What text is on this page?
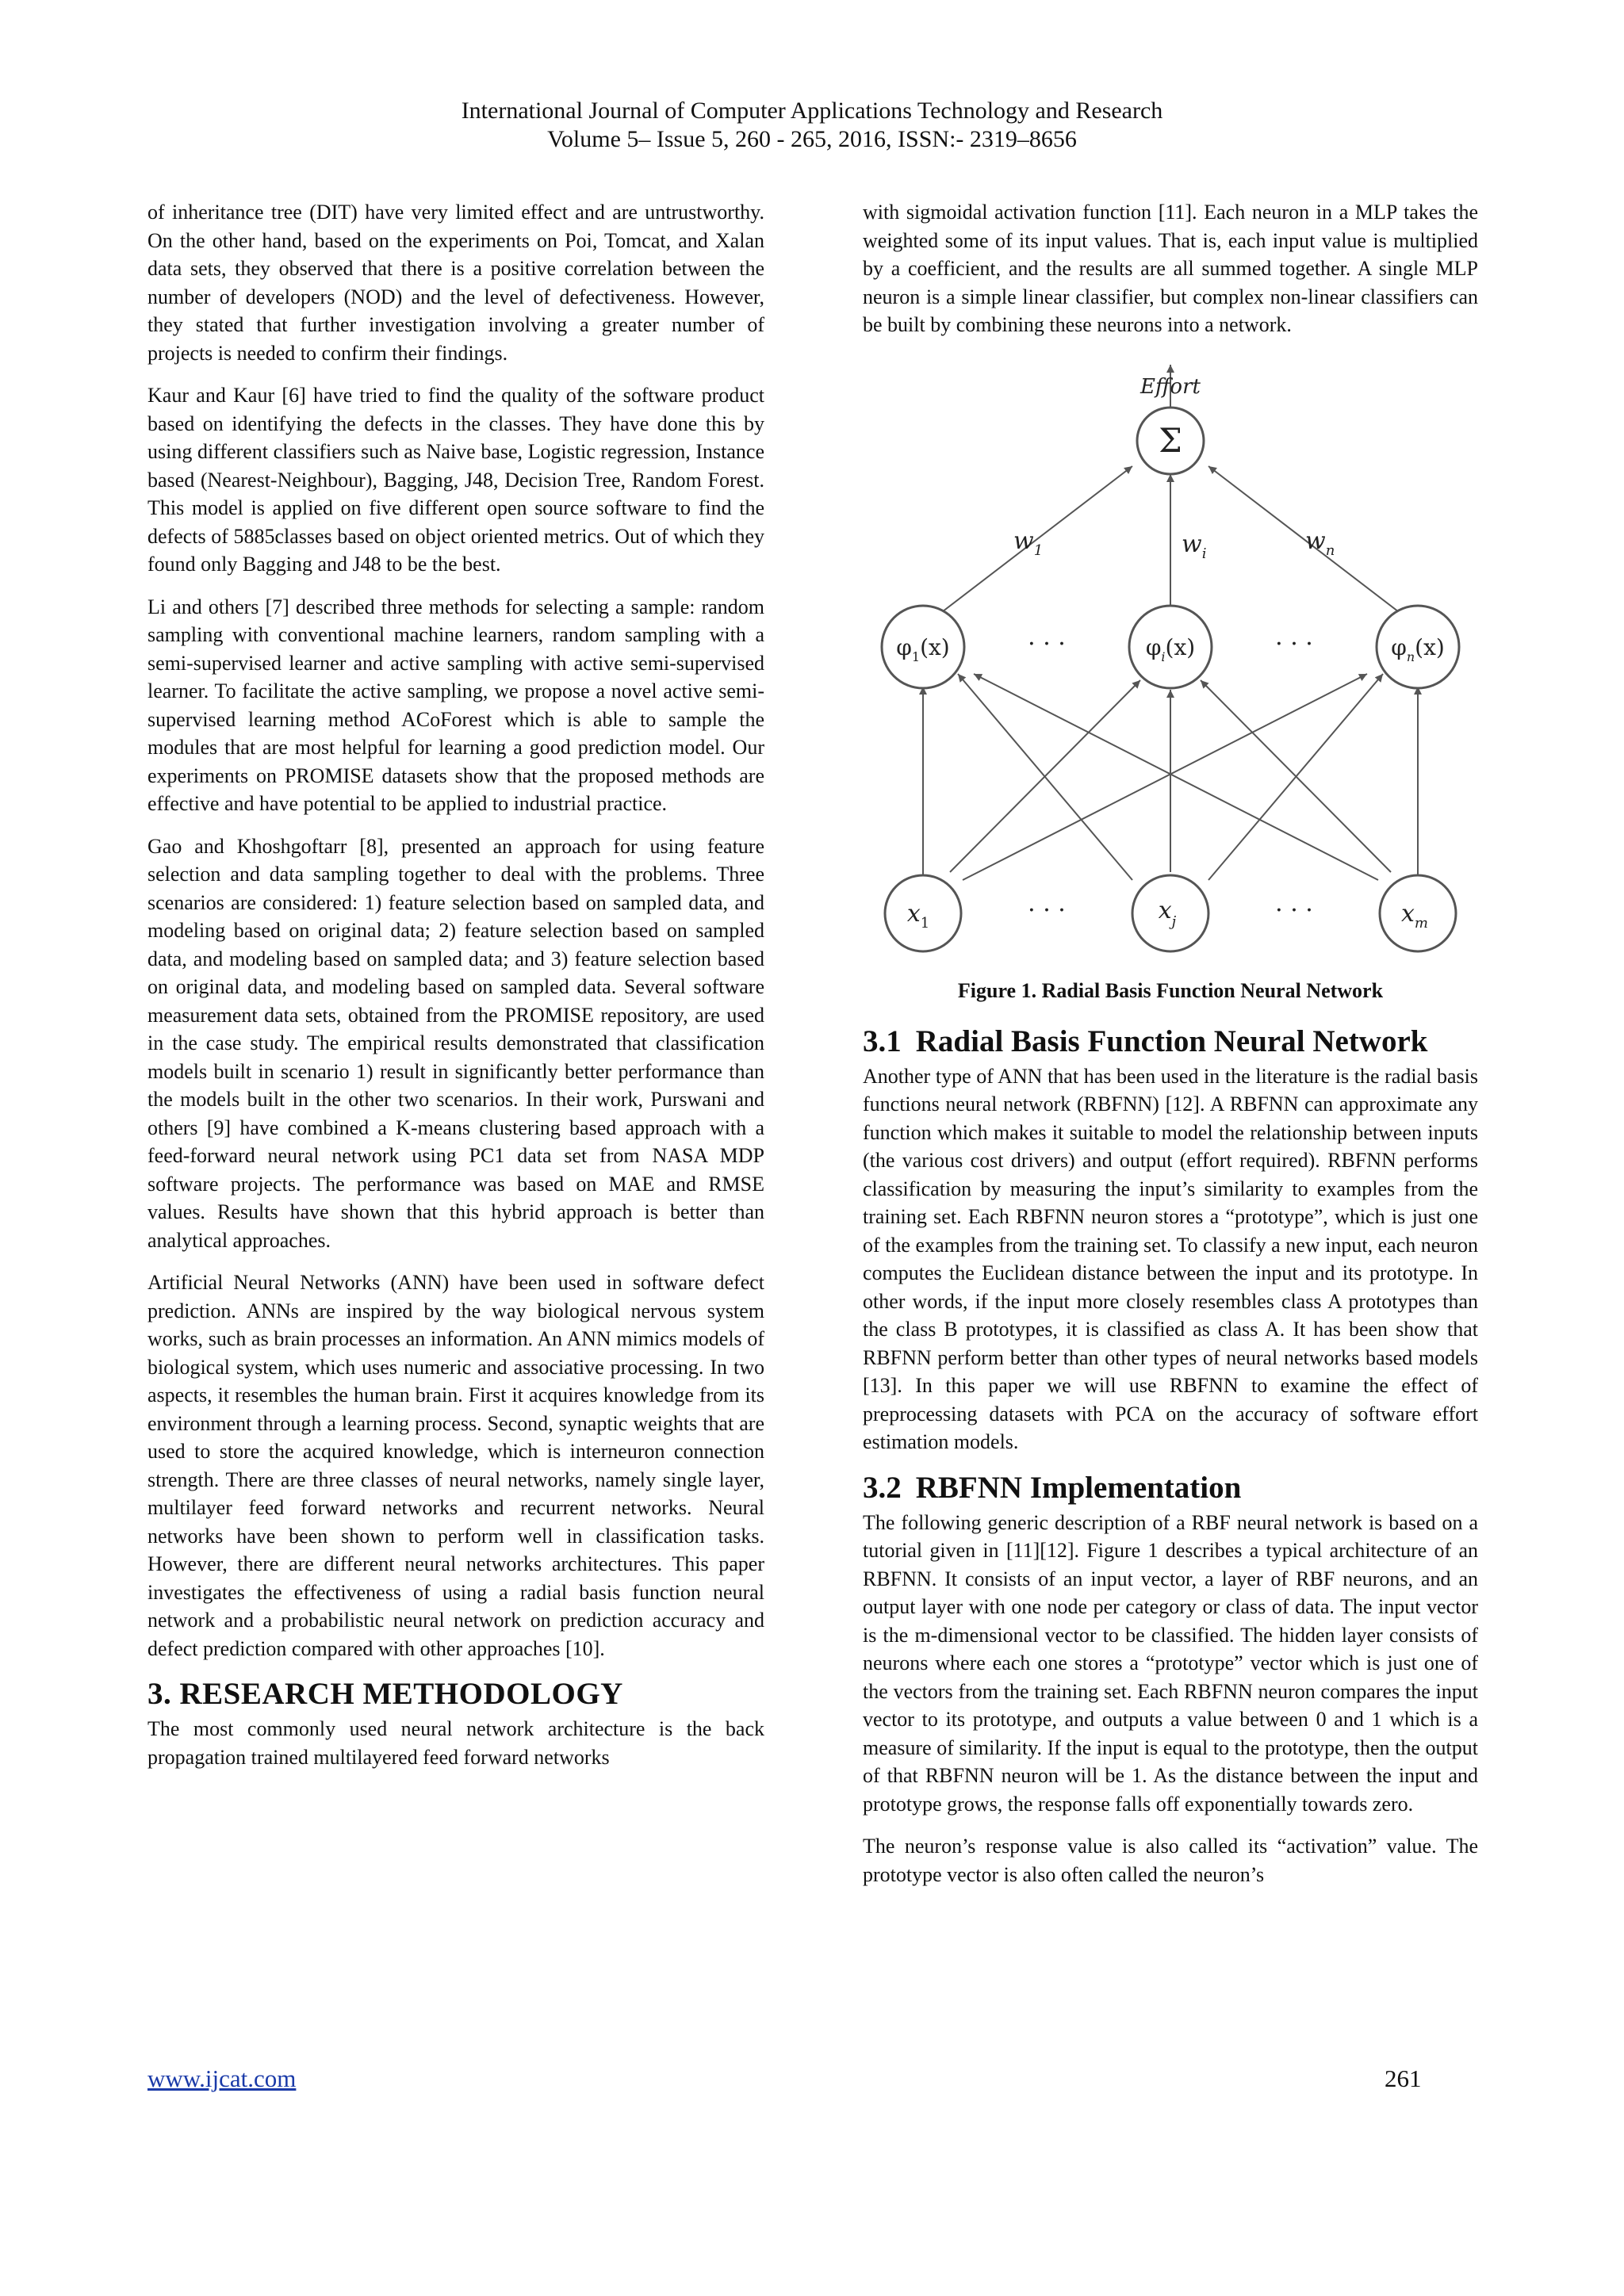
International Journal of Computer Applications Technology and Research
Volume 5– Issue 5, 260 - 265, 2016, ISSN:- 2319–8656

of inheritance tree (DIT) have very limited effect and are untrustworthy. On the other hand, based on the experiments on Poi, Tomcat, and Xalan data sets, they observed that there is a positive correlation between the number of developers (NOD) and the level of defectiveness. However, they stated that further investigation involving a greater number of projects is needed to confirm their findings.

Kaur and Kaur [6] have tried to find the quality of the software product based on identifying the defects in the classes. They have done this by using different classifiers such as Naive base, Logistic regression, Instance based (Nearest-Neighbour), Bagging, J48, Decision Tree, Random Forest. This model is applied on five different open source software to find the defects of 5885classes based on object oriented metrics. Out of which they found only Bagging and J48 to be the best.

Li and others [7] described three methods for selecting a sample: random sampling with conventional machine learners, random sampling with a semi-supervised learner and active sampling with active semi-supervised learner. To facilitate the active sampling, we propose a novel active semi-supervised learning method ACoForest which is able to sample the modules that are most helpful for learning a good prediction model. Our experiments on PROMISE datasets show that the proposed methods are effective and have potential to be applied to industrial practice.

Gao and Khoshgoftarr [8], presented an approach for using feature selection and data sampling together to deal with the problems. Three scenarios are considered: 1) feature selection based on sampled data, and modeling based on original data; 2) feature selection based on sampled data, and modeling based on sampled data; and 3) feature selection based on original data, and modeling based on sampled data. Several software measurement data sets, obtained from the PROMISE repository, are used in the case study. The empirical results demonstrated that classification models built in scenario 1) result in significantly better performance than the models built in the other two scenarios. In their work, Purswani and others [9] have combined a K-means clustering based approach with a feed-forward neural network using PC1 data set from NASA MDP software projects. The performance was based on MAE and RMSE values. Results have shown that this hybrid approach is better than analytical approaches.

Artificial Neural Networks (ANN) have been used in software defect prediction. ANNs are inspired by the way biological nervous system works, such as brain processes an information. An ANN mimics models of biological system, which uses numeric and associative processing. In two aspects, it resembles the human brain. First it acquires knowledge from its environment through a learning process. Second, synaptic weights that are used to store the acquired knowledge, which is interneuron connection strength. There are three classes of neural networks, namely single layer, multilayer feed forward networks and recurrent networks. Neural networks have been shown to perform well in classification tasks. However, there are different neural networks architectures. This paper investigates the effectiveness of using a radial basis function neural network and a probabilistic neural network on prediction accuracy and defect prediction compared with other approaches [10].

3. RESEARCH METHODOLOGY

The most commonly used neural network architecture is the back propagation trained multilayered feed forward networks

with sigmoidal activation function [11]. Each neuron in a MLP takes the weighted some of its input values. That is, each input value is multiplied by a coefficient, and the results are all summed together. A single MLP neuron is a simple linear classifier, but complex non-linear classifiers can be built by combining these neurons into a network.

Effort
Σ
$w_1$	$w_i$	$w_n$
$\varphi_1(x)$	$\varphi_i(x)$	$\varphi_n(x)$
· · ·	· · ·
$x_1$	$x_j$	$x_m$
· · ·	· · ·
Figure 1. Radial Basis Function Neural Network
3.1 Radial Basis Function Neural Network

Another type of ANN that has been used in the literature is the radial basis functions neural network (RBFNN) [12]. A RBFNN can approximate any function which makes it suitable to model the relationship between inputs (the various cost drivers) and output (effort required). RBFNN performs classification by measuring the input’s similarity to examples from the training set. Each RBFNN neuron stores a “prototype”, which is just one of the examples from the training set. To classify a new input, each neuron computes the Euclidean distance between the input and its prototype. In other words, if the input more closely resembles class A prototypes than the class B prototypes, it is classified as class A. It has been show that RBFNN perform better than other types of neural networks based models [13]. In this paper we will use RBFNN to examine the effect of preprocessing datasets with PCA on the accuracy of software effort estimation models.

3.2 RBFNN Implementation

The following generic description of a RBF neural network is based on a tutorial given in [11][12]. Figure 1 describes a typical architecture of an RBFNN. It consists of an input vector, a layer of RBF neurons, and an output layer with one node per category or class of data. The input vector is the m-dimensional vector to be classified. The hidden layer consists of neurons where each one stores a “prototype” vector which is just one of the vectors from the training set. Each RBFNN neuron compares the input vector to its prototype, and outputs a value between 0 and 1 which is a measure of similarity. If the input is equal to the prototype, then the output of that RBFNN neuron will be 1. As the distance between the input and prototype grows, the response falls off exponentially towards zero.

The neuron’s response value is also called its “activation” value. The prototype vector is also often called the neuron’s

www.ijcat.com	261
